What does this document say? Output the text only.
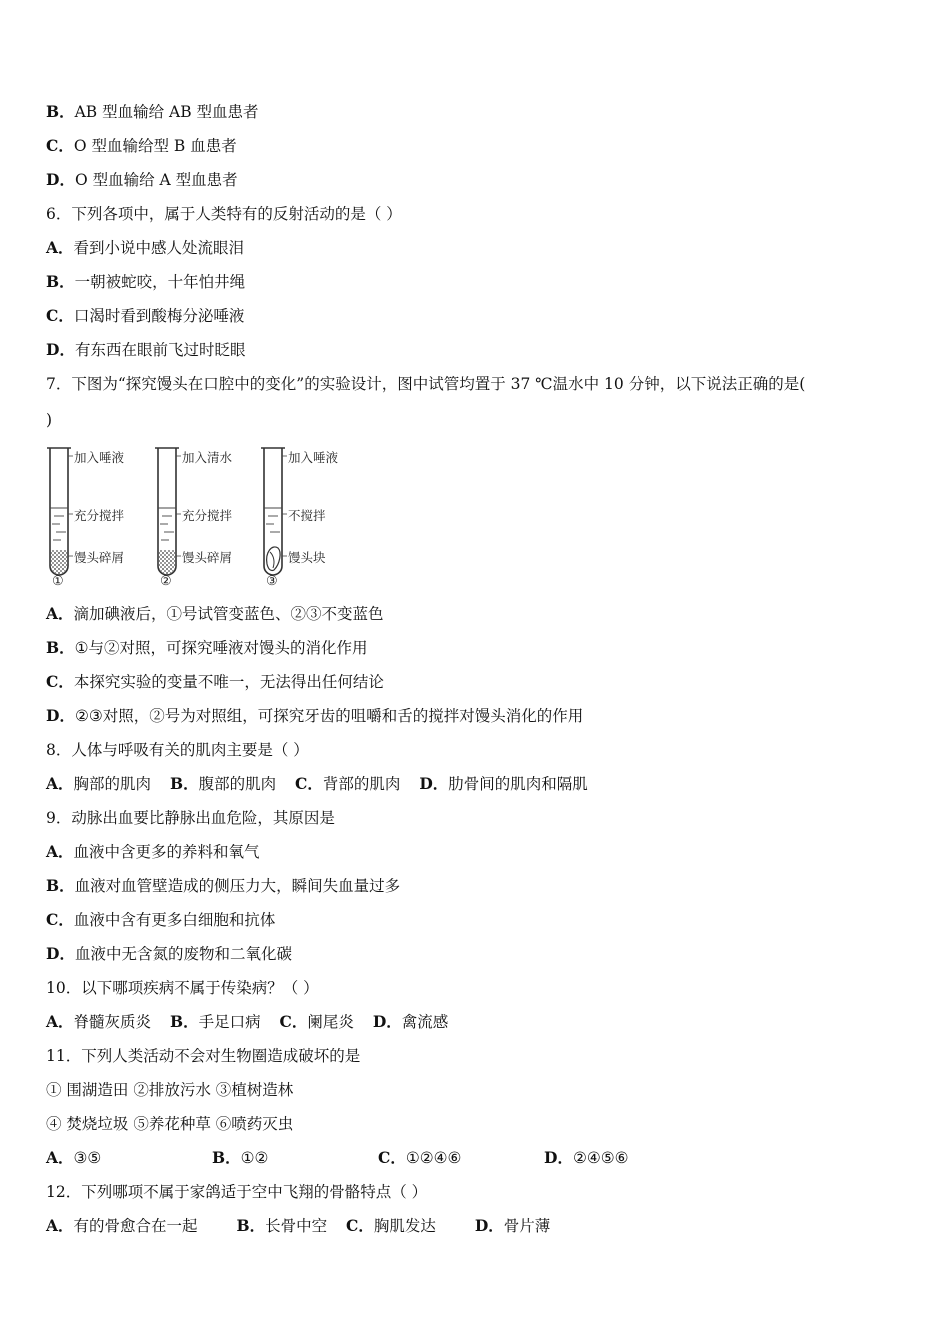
B．AB 型血输给 AB 型血患者
C．O 型血输给型 B 血患者
D．O 型血输给 A 型血患者
6．下列各项中，属于人类特有的反射活动的是（ ）
A．看到小说中感人处流眼泪
B．一朝被蛇咬，十年怕井绳
C．口渴时看到酸梅分泌唾液
D．有东西在眼前飞过时眨眼
7．下图为“探究馒头在口腔中的变化”的实验设计，图中试管均置于 37 ℃温水中 10 分钟，以下说法正确的是(
)
加入唾液
充分搅拌
馒头碎屑
①
加入清水
充分搅拌
馒头碎屑
②
加入唾液
不搅拌
馒头块
③
A．滴加碘液后，①号试管变蓝色、②③不变蓝色
B．①与②对照，可探究唾液对馒头的消化作用
C．本探究实验的变量不唯一，无法得出任何结论
D．②③对照，②号为对照组，可探究牙齿的咀嚼和舌的搅拌对馒头消化的作用
8．人体与呼吸有关的肌肉主要是（ ）
A．胸部的肌肉 B．腹部的肌肉 C．背部的肌肉 D．肋骨间的肌肉和隔肌
9．动脉出血要比静脉出血危险，其原因是
A．血液中含更多的养料和氧气
B．血液对血管壁造成的侧压力大，瞬间失血量过多
C．血液中含有更多白细胞和抗体
D．血液中无含氮的废物和二氧化碳
10．以下哪项疾病不属于传染病？（ ）
A．脊髓灰质炎 B．手足口病 C．阑尾炎 D．禽流感
11．下列人类活动不会对生物圈造成破坏的是
① 围湖造田 ②排放污水 ③植树造林
④ 焚烧垃圾 ⑤养花种草 ⑥喷药灭虫
A．③⑤	B．①②	C．①②④⑥	D．②④⑤⑥
12．下列哪项不属于家鸽适于空中飞翔的骨骼特点（ ）
A．有的骨愈合在一起	B．长骨中空 C．胸肌发达	D．骨片薄
